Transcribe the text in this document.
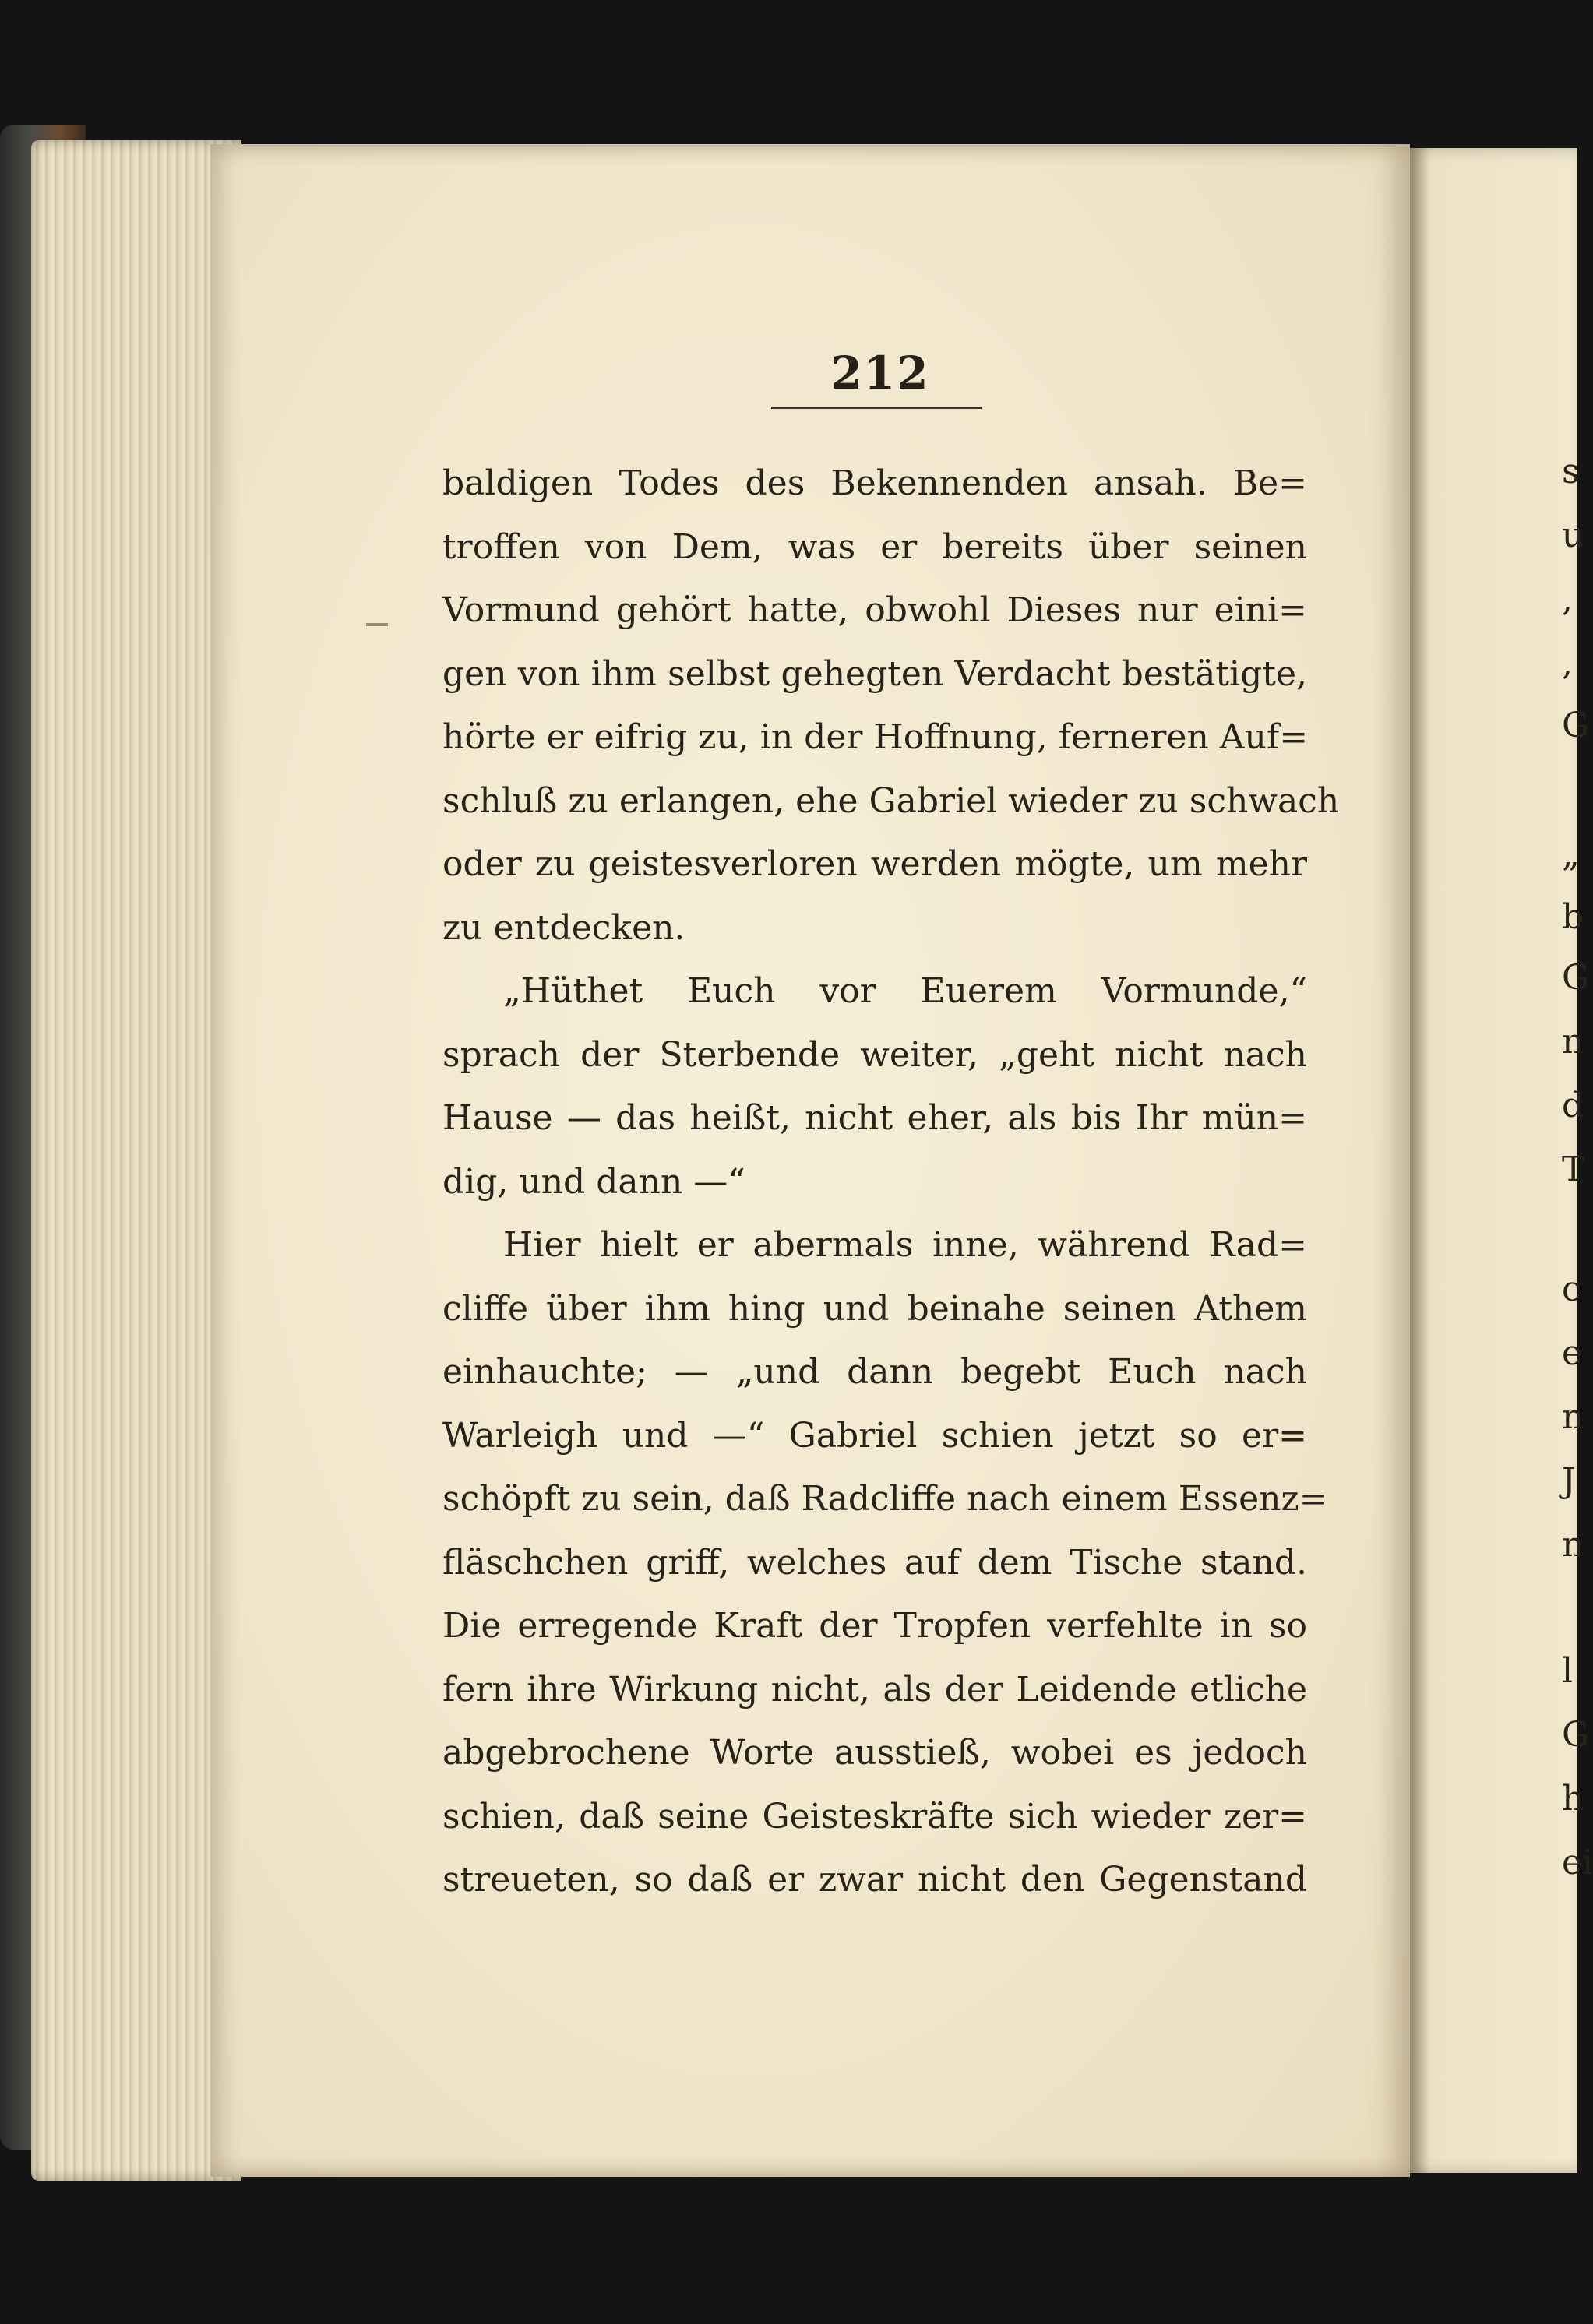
212
baldigen Todes des Bekennenden ansah. Be=
troffen von Dem, was er bereits über seinen
Vormund gehört hatte, obwohl Dieses nur eini=
gen von ihm selbst gehegten Verdacht bestätigte,
hörte er eifrig zu, in der Hoffnung, ferneren Auf=
schluß zu erlangen, ehe Gabriel wieder zu schwach
oder zu geistesverloren werden mögte, um mehr
zu entdecken.
„Hüthet Euch vor Euerem Vormunde,“
sprach der Sterbende weiter, „geht nicht nach
Hause — das heißt, nicht eher, als bis Ihr mün=
dig, und dann —“
Hier hielt er abermals inne, während Rad=
cliffe über ihm hing und beinahe seinen Athem
einhauchte; — „und dann begebt Euch nach
Warleigh und —“ Gabriel schien jetzt so er=
schöpft zu sein, daß Radcliffe nach einem Essenz=
fläschchen griff, welches auf dem Tische stand.
Die erregende Kraft der Tropfen verfehlte in so
fern ihre Wirkung nicht, als der Leidende etliche
abgebrochene Worte ausstieß, wobei es jedoch
schien, daß seine Geisteskräfte sich wieder zer=
streueten, so daß er zwar nicht den Gegenstand
s
u
,
,
G
„
b
G
n
d
T
c
e
n
J
n
l
G
h
ei
